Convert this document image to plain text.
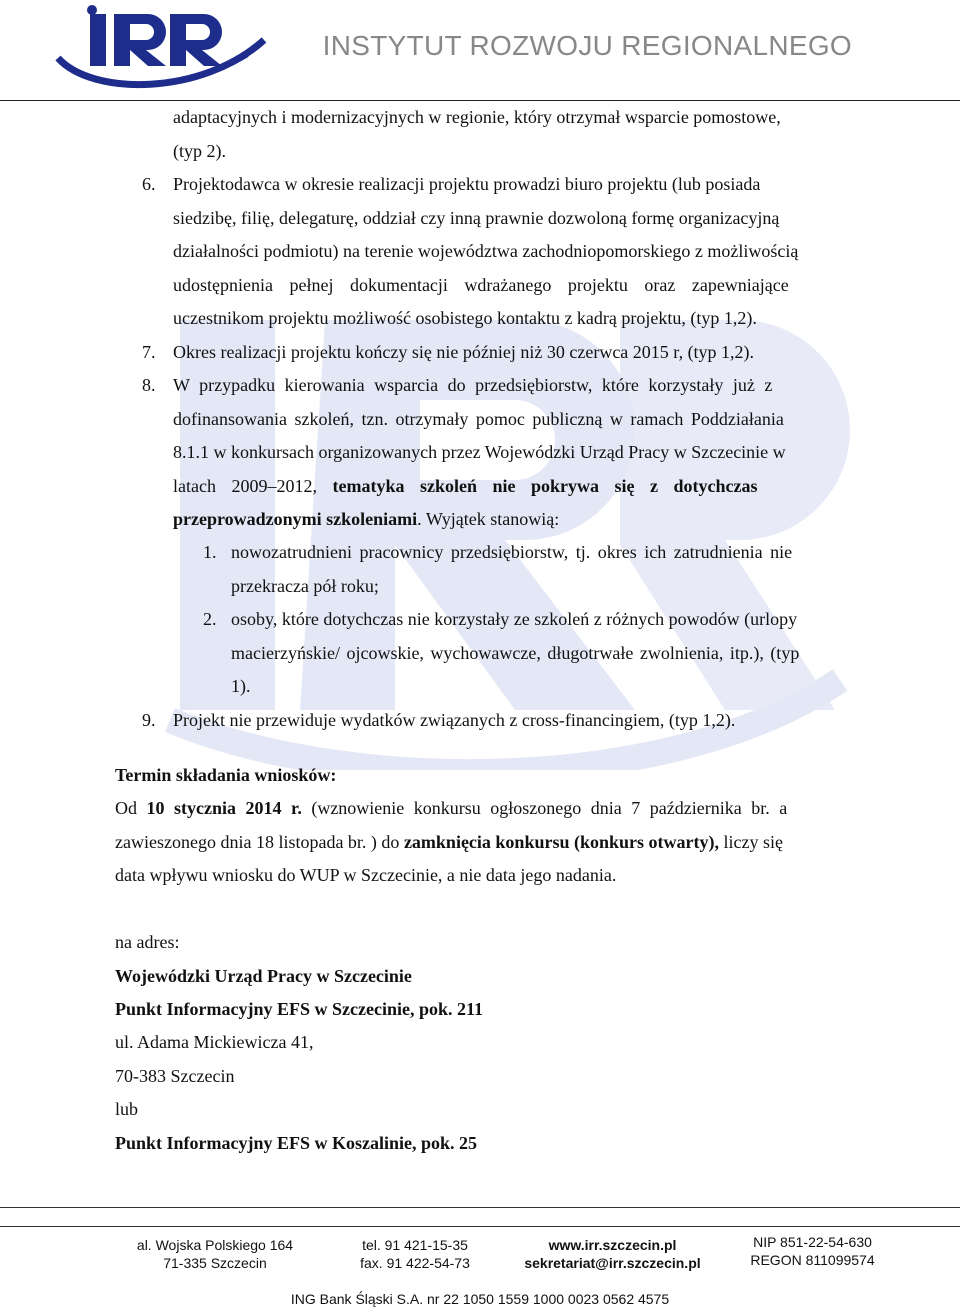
INSTYTUT ROZWOJU REGIONALNEGO
adaptacyjnych i modernizacyjnych w regionie, który otrzymał wsparcie pomostowe,
(typ 2).
6. Projektodawca w okresie realizacji projektu prowadzi biuro projektu (lub posiada
siedzibę, filię, delegaturę, oddział czy inną prawnie dozwoloną formę organizacyjną
działalności podmiotu) na terenie województwa zachodniopomorskiego z możliwością
udostępnienia pełnej dokumentacji wdrażanego projektu oraz zapewniające
uczestnikom projektu możliwość osobistego kontaktu z kadrą projektu, (typ 1,2).
7. Okres realizacji projektu kończy się nie później niż 30 czerwca 2015 r, (typ 1,2).
8. W przypadku kierowania wsparcia do przedsiębiorstw, które korzystały już z
dofinansowania szkoleń, tzn. otrzymały pomoc publiczną w ramach Poddziałania
8.1.1 w konkursach organizowanych przez Wojewódzki Urząd Pracy w Szczecinie w
latach 2009–2012, tematyka szkoleń nie pokrywa się z dotychczas
przeprowadzonymi szkoleniami. Wyjątek stanowią:
1. nowozatrudnieni pracownicy przedsiębiorstw, tj. okres ich zatrudnienia nie
przekracza pół roku;
2. osoby, które dotychczas nie korzystały ze szkoleń z różnych powodów (urlopy
macierzyńskie/ ojcowskie, wychowawcze, długotrwałe zwolnienia, itp.), (typ
1).
9. Projekt nie przewiduje wydatków związanych z cross-financingiem, (typ 1,2).
Termin składania wniosków:
Od 10 stycznia 2014 r. (wznowienie konkursu ogłoszonego dnia 7 października br. a
zawieszonego dnia 18 listopada br. ) do zamknięcia konkursu (konkurs otwarty), liczy się
data wpływu wniosku do WUP w Szczecinie, a nie data jego nadania.
na adres:
Wojewódzki Urząd Pracy w Szczecinie
Punkt Informacyjny EFS w Szczecinie, pok. 211
ul. Adama Mickiewicza 41,
70-383 Szczecin
lub
Punkt Informacyjny EFS w Koszalinie, pok. 25
al. Wojska Polskiego 164
71-335 Szczecin
tel. 91 421-15-35
fax. 91 422-54-73
www.irr.szczecin.pl
sekretariat@irr.szczecin.pl
NIP 851-22-54-630
REGON 811099574
ING Bank Śląski S.A. nr 22 1050 1559 1000 0023 0562 4575
